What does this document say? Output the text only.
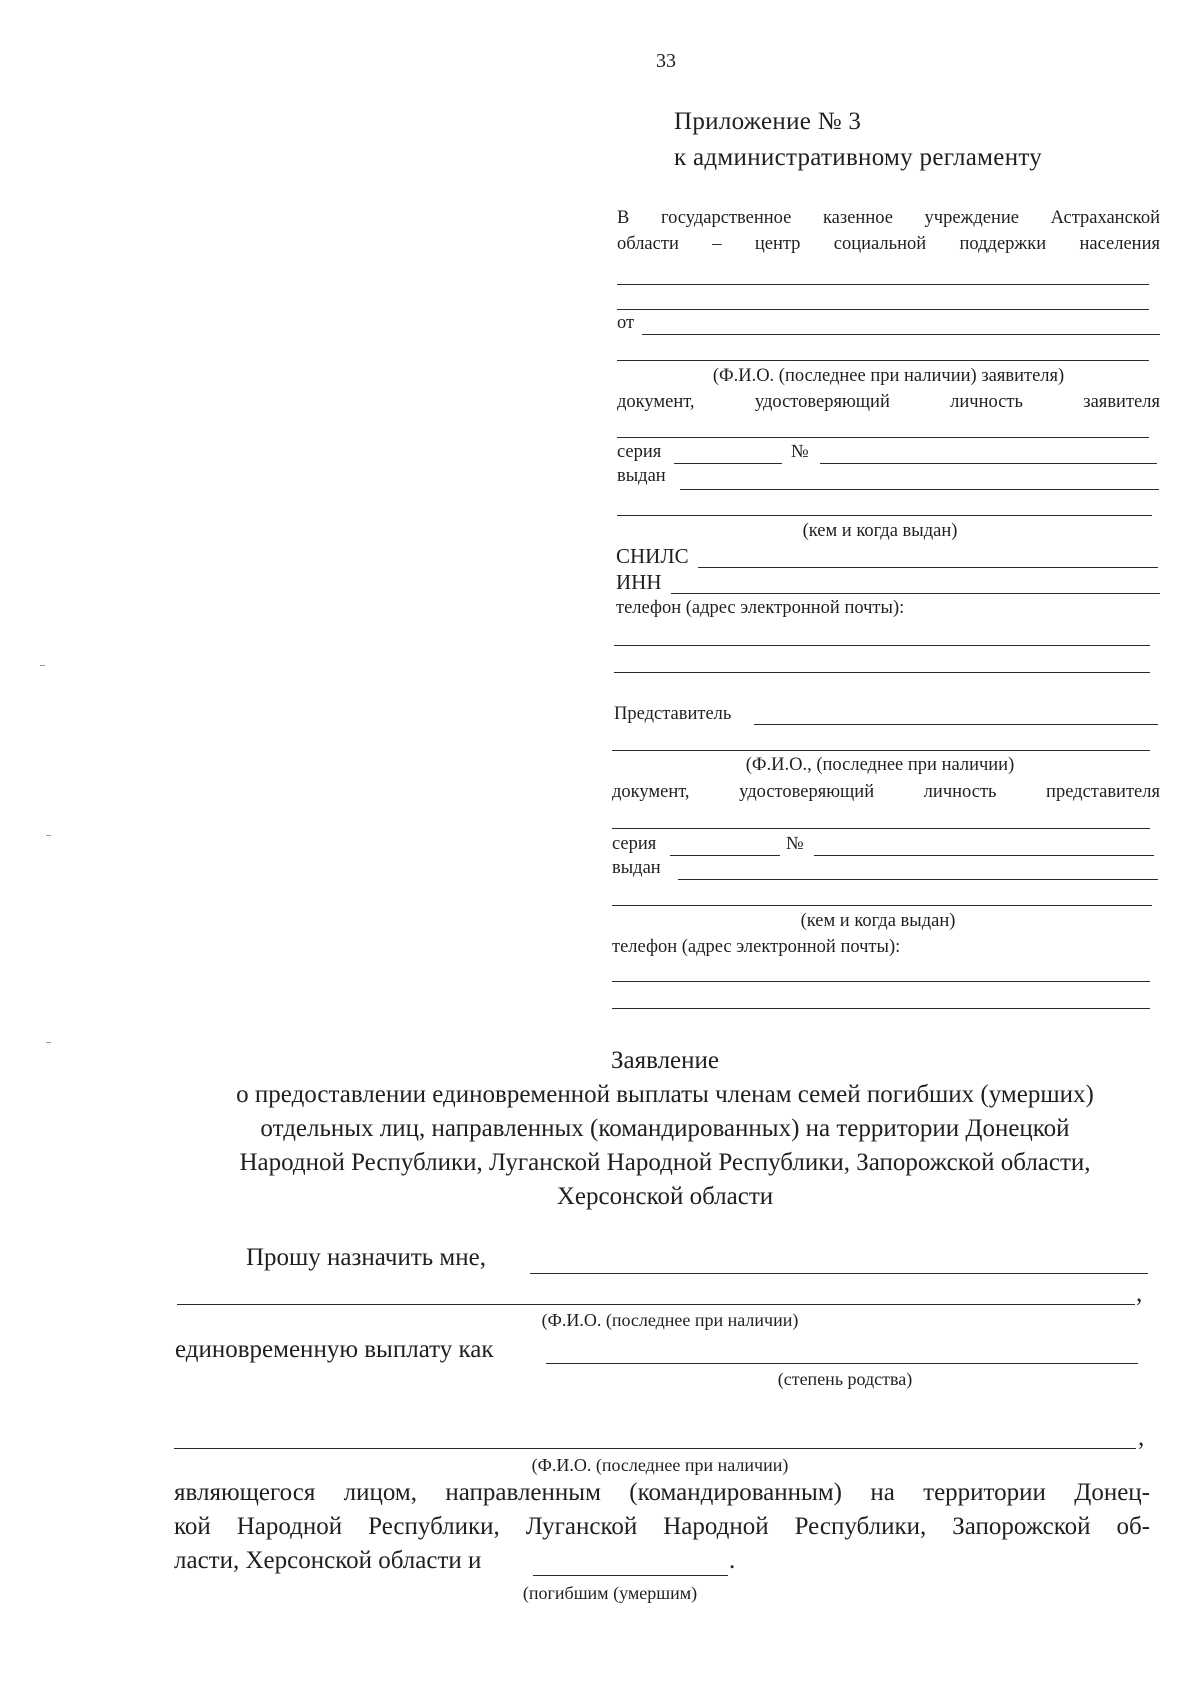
33
Приложение № 3
к административному регламенту
В государственное казенное учреждение Астраханской
области – центр социальной поддержки населения
от
(Ф.И.О. (последнее при наличии) заявителя)
документ, удостоверяющий личность заявителя
серия	№
выдан
(кем и когда выдан)
СНИЛС
ИНН
телефон (адрес электронной почты):
Представитель
(Ф.И.О., (последнее при наличии)
документ, удостоверяющий личность представителя
серия	№
выдан
(кем и когда выдан)
телефон (адрес электронной почты):
Заявление
о предоставлении единовременной выплаты членам семей погибших (умерших)
отдельных лиц, направленных (командированных) на территории Донецкой
Народной Республики, Луганской Народной Республики, Запорожской области,
Херсонской области
Прошу назначить мне,
,
(Ф.И.О. (последнее при наличии)
единовременную выплату как
(степень родства)
,
(Ф.И.О. (последнее при наличии)
являющегося лицом, направленным (командированным) на территории Донец-
кой Народной Республики, Луганской Народной Республики, Запорожской об-
ласти, Херсонской области и	.
(погибшим (умершим)
